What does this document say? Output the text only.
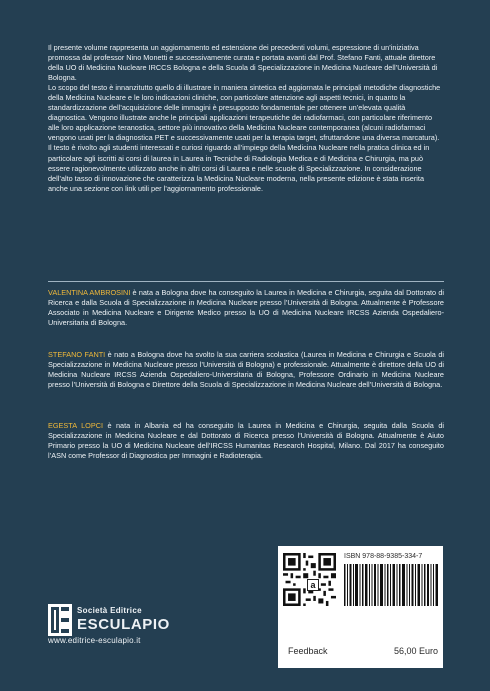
Il presente volume rappresenta un aggiornamento ed estensione dei precedenti volumi, espressione di un’iniziativa promossa dal professor Nino Monetti e successivamente curata e portata avanti dal Prof. Stefano Fanti, attuale direttore della UO di Medicina Nucleare IRCCS Bologna e della Scuola di Specializzazione in Medicina Nucleare dell’Università di Bologna.

Lo scopo del testo è innanzitutto quello di illustrare in maniera sintetica ed aggiornata le principali metodiche diagnostiche della Medicina Nucleare e le loro indicazioni cliniche, con particolare attenzione agli aspetti tecnici, in quanto la standardizzazione dell’acquisizione delle immagini è presupposto fondamentale per ottenere un’elevata qualità diagnostica. Vengono illustrate anche le principali applicazioni terapeutiche dei radiofarmaci, con particolare riferimento alle loro applicazione teranostica, settore più innovativo della Medicina Nucleare contemporanea (alcuni radiofarmaci vengono usati per la diagnostica PET e successivamente usati per la terapia target, sfruttandone una diversa marcatura).

Il testo è rivolto agli studenti interessati e curiosi riguardo all’impiego della Medicina Nucleare nella pratica clinica ed in particolare agli iscritti ai corsi di laurea in Laurea in Tecniche di Radiologia Medica e di Medicina e Chirurgia, ma può essere ragionevolmente utilizzato anche in altri corsi di Laurea e nelle scuole di Specializzazione. In considerazione dell’alto tasso di innovazione che caratterizza la Medicina Nucleare moderna, nella presente edizione è stata inserita anche una sezione con link utili per l’aggiornamento professionale.

VALENTINA AMBROSINI è nata a Bologna dove ha conseguito la Laurea in Medicina e Chirurgia, seguita dal Dottorato di Ricerca e dalla Scuola di Specializzazione in Medicina Nucleare presso l’Università di Bologna. Attualmente è Professore Associato in Medicina Nucleare e Dirigente Medico presso la UO di Medicina Nucleare IRCSS Azienda Ospedaliero-Universitaria di Bologna.

STEFANO FANTI è nato a Bologna dove ha svolto la sua carriera scolastica (Laurea in Medicina e Chirurgia e Scuola di Specializzazione in Medicina Nucleare presso l’Università di Bologna) e professionale. Attualmente è direttore della UO di Medicina Nucleare IRCSS Azienda Ospedaliero-Universitaria di Bologna, Professore Ordinario in Medicina Nucleare presso l’Università di Bologna e Direttore della Scuola di Specializzazione in Medicina Nucleare dell’Università di Bologna.

EGESTA LOPCI è nata in Albania ed ha conseguito la Laurea in Medicina e Chirurgia, seguita dalla Scuola di Specializzazione in Medicina Nucleare e dal Dottorato di Ricerca presso l’Università di Bologna. Attualmente è Aiuto Primario presso la UO di Medicina Nucleare dell’IRCSS Humanitas Research Hospital, Milano. Dal 2017 ha conseguito l’ASN come Professor di Diagnostica per Immagini e Radioterapia.

Società Editrice
ESCULAPIO
www.editrice-esculapio.it
a
ISBN 978-88-9385-334-7
Feedback	56,00 Euro
